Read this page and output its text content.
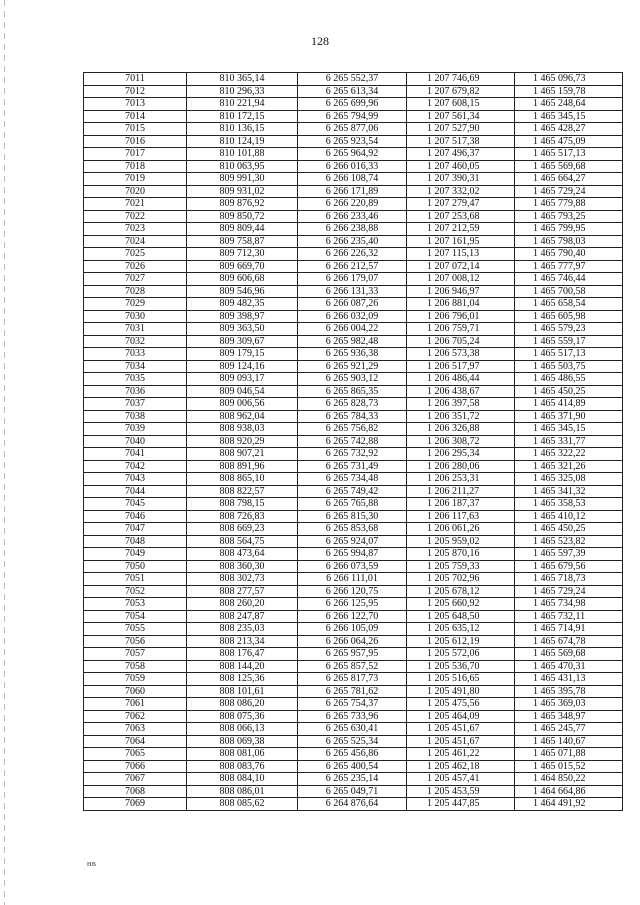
128
7011	810 365,14	6 265 552,37	1 207 746,69	1 465 096,73
7012	810 296,33	6 265 613,34	1 207 679,82	1 465 159,78
7013	810 221,94	6 265 699,96	1 207 608,15	1 465 248,64
7014	810 172,15	6 265 794,99	1 207 561,34	1 465 345,15
7015	810 136,15	6 265 877,06	1 207 527,90	1 465 428,27
7016	810 124,19	6 265 923,54	1 207 517,38	1 465 475,09
7017	810 101,88	6 265 964,92	1 207 496,37	1 465 517,13
7018	810 063,95	6 266 016,33	1 207 460,05	1 465 569,68
7019	809 991,30	6 266 108,74	1 207 390,31	1 465 664,27
7020	809 931,02	6 266 171,89	1 207 332,02	1 465 729,24
7021	809 876,92	6 266 220,89	1 207 279,47	1 465 779,88
7022	809 850,72	6 266 233,46	1 207 253,68	1 465 793,25
7023	809 809,44	6 266 238,88	1 207 212,59	1 465 799,95
7024	809 758,87	6 266 235,40	1 207 161,95	1 465 798,03
7025	809 712,30	6 266 226,32	1 207 115,13	1 465 790,40
7026	809 669,70	6 266 212,57	1 207 072,14	1 465 777,97
7027	809 606,68	6 266 179,07	1 207 008,12	1 465 746,44
7028	809 546,96	6 266 131,33	1 206 946,97	1 465 700,58
7029	809 482,35	6 266 087,26	1 206 881,04	1 465 658,54
7030	809 398,97	6 266 032,09	1 206 796,01	1 465 605,98
7031	809 363,50	6 266 004,22	1 206 759,71	1 465 579,23
7032	809 309,67	6 265 982,48	1 206 705,24	1 465 559,17
7033	809 179,15	6 265 936,38	1 206 573,38	1 465 517,13
7034	809 124,16	6 265 921,29	1 206 517,97	1 465 503,75
7035	809 093,17	6 265 903,12	1 206 486,44	1 465 486,55
7036	809 046,54	6 265 865,35	1 206 438,67	1 465 450,25
7037	809 006,56	6 265 828,73	1 206 397,58	1 465 414,89
7038	808 962,04	6 265 784,33	1 206 351,72	1 465 371,90
7039	808 938,03	6 265 756,82	1 206 326,88	1 465 345,15
7040	808 920,29	6 265 742,88	1 206 308,72	1 465 331,77
7041	808 907,21	6 265 732,92	1 206 295,34	1 465 322,22
7042	808 891,96	6 265 731,49	1 206 280,06	1 465 321,26
7043	808 865,10	6 265 734,48	1 206 253,31	1 465 325,08
7044	808 822,57	6 265 749,42	1 206 211,27	1 465 341,32
7045	808 798,15	6 265 765,88	1 206 187,37	1 465 358,53
7046	808 726,83	6 265 815,30	1 206 117,63	1 465 410,12
7047	808 669,23	6 265 853,68	1 206 061,26	1 465 450,25
7048	808 564,75	6 265 924,07	1 205 959,02	1 465 523,82
7049	808 473,64	6 265 994,87	1 205 870,16	1 465 597,39
7050	808 360,30	6 266 073,59	1 205 759,33	1 465 679,56
7051	808 302,73	6 266 111,01	1 205 702,96	1 465 718,73
7052	808 277,57	6 266 120,75	1 205 678,12	1 465 729,24
7053	808 260,20	6 266 125,95	1 205 660,92	1 465 734,98
7054	808 247,87	6 266 122,70	1 205 648,50	1 465 732,11
7055	808 235,03	6 266 105,09	1 205 635,12	1 465 714,91
7056	808 213,34	6 266 064,26	1 205 612,19	1 465 674,78
7057	808 176,47	6 265 957,95	1 205 572,06	1 465 569,68
7058	808 144,20	6 265 857,52	1 205 536,70	1 465 470,31
7059	808 125,36	6 265 817,73	1 205 516,65	1 465 431,13
7060	808 101,61	6 265 781,62	1 205 491,80	1 465 395,78
7061	808 086,20	6 265 754,37	1 205 475,56	1 465 369,03
7062	808 075,36	6 265 733,96	1 205 464,09	1 465 348,97
7063	808 066,13	6 265 630,41	1 205 451,67	1 465 245,77
7064	808 069,38	6 265 525,34	1 205 451,67	1 465 140,67
7065	808 081,06	6 265 456,86	1 205 461,22	1 465 071,88
7066	808 083,76	6 265 400,54	1 205 462,18	1 465 015,52
7067	808 084,10	6 265 235,14	1 205 457,41	1 464 850,22
7068	808 086,01	6 265 049,71	1 205 453,59	1 464 664,86
7069	808 085,62	6 264 876,64	1 205 447,85	1 464 491,92
НВ
